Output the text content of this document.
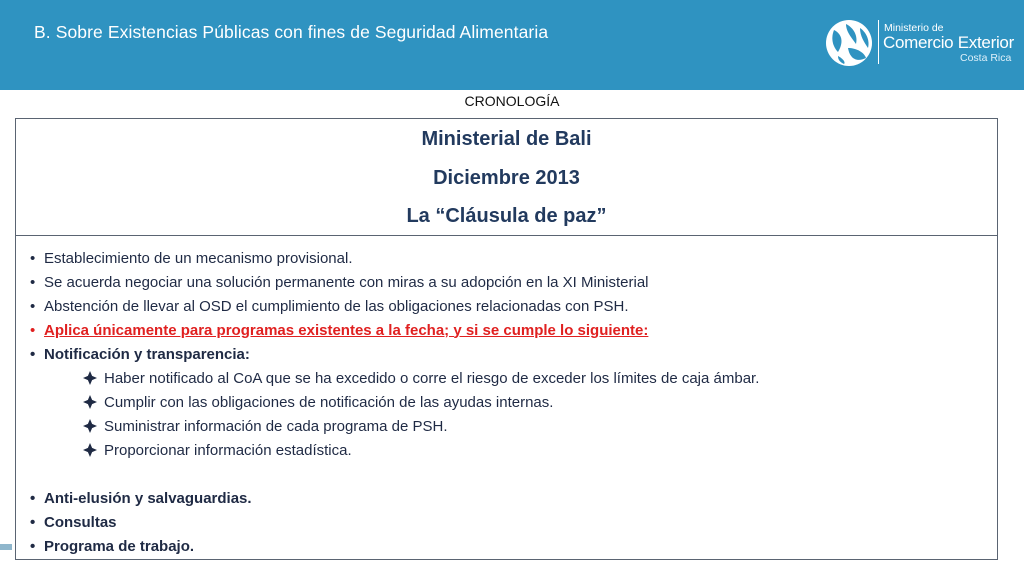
B. Sobre Existencias Públicas con fines de Seguridad Alimentaria	Ministerio de
Comercio Exterior
Costa Rica
CRONOLOGÍA
Ministerial de Bali
Diciembre 2013
La “Cláusula de paz”
• Establecimiento de un mecanismo provisional.
• Se acuerda negociar una solución permanente con miras a su adopción en la XI Ministerial
• Abstención de llevar al OSD el cumplimiento de las obligaciones relacionadas con PSH.
• Aplica únicamente para programas existentes a la fecha; y si se cumple lo siguiente:
• Notificación y transparencia:
Haber notificado al CoA que se ha excedido o corre el riesgo de exceder los límites de caja ámbar.
Cumplir con las obligaciones de notificación de las ayudas internas.
Suministrar información de cada programa de PSH.
Proporcionar información estadística.
• Anti-elusión y salvaguardias.
• Consultas
• Programa de trabajo.
